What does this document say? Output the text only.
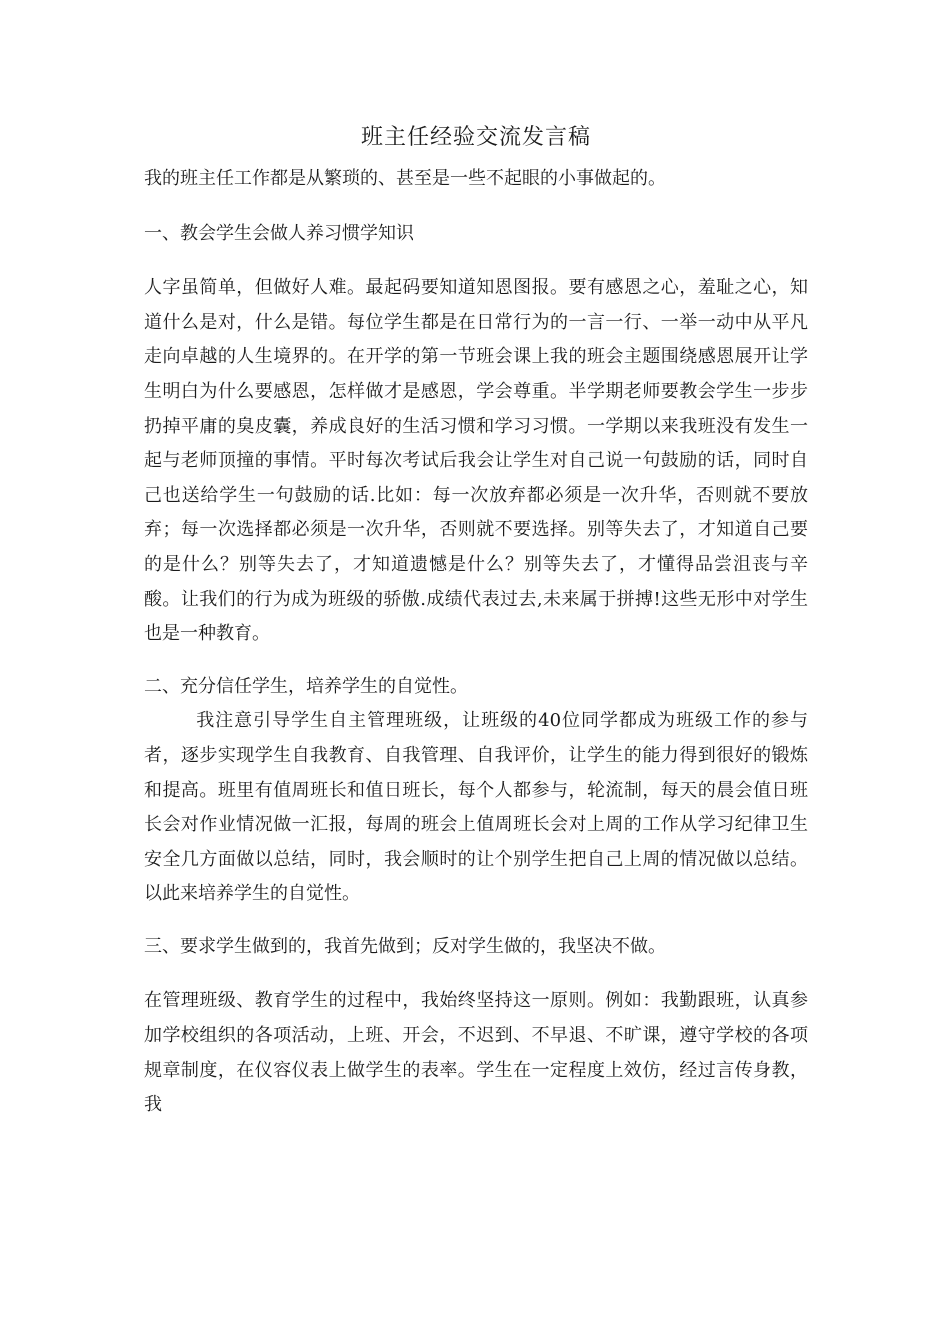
班主任经验交流发言稿

我的班主任工作都是从繁琐的、甚至是一些不起眼的小事做起的。

一、教会学生会做人养习惯学知识

人字虽简单，但做好人难。最起码要知道知恩图报。要有感恩之心，羞耻之心，知道什么是对，什么是错。每位学生都是在日常行为的一言一行、一举一动中从平凡走向卓越的人生境界的。在开学的第一节班会课上我的班会主题围绕感恩展开让学生明白为什么要感恩，怎样做才是感恩，学会尊重。半学期老师要教会学生一步步扔掉平庸的臭皮囊，养成良好的生活习惯和学习习惯。一学期以来我班没有发生一起与老师顶撞的事情。平时每次考试后我会让学生对自己说一句鼓励的话，同时自己也送给学生一句鼓励的话.比如：每一次放弃都必须是一次升华，否则就不要放弃；每一次选择都必须是一次升华，否则就不要选择。别等失去了，才知道自己要的是什么？别等失去了，才知道遗憾是什么？别等失去了，才懂得品尝沮丧与辛酸。让我们的行为成为班级的骄傲.成绩代表过去,未来属于拼搏!这些无形中对学生也是一种教育。

二、充分信任学生，培养学生的自觉性。

我注意引导学生自主管理班级，让班级的40位同学都成为班级工作的参与者，逐步实现学生自我教育、自我管理、自我评价，让学生的能力得到很好的锻炼和提高。班里有值周班长和值日班长，每个人都参与，轮流制，每天的晨会值日班长会对作业情况做一汇报，每周的班会上值周班长会对上周的工作从学习纪律卫生安全几方面做以总结，同时，我会顺时的让个别学生把自己上周的情况做以总结。以此来培养学生的自觉性。

三、要求学生做到的，我首先做到；反对学生做的，我坚决不做。

在管理班级、教育学生的过程中，我始终坚持这一原则。例如：我勤跟班，认真参加学校组织的各项活动，上班、开会，不迟到、不早退、不旷课，遵守学校的各项规章制度，在仪容仪表上做学生的表率。学生在一定程度上效仿，经过言传身教，我
